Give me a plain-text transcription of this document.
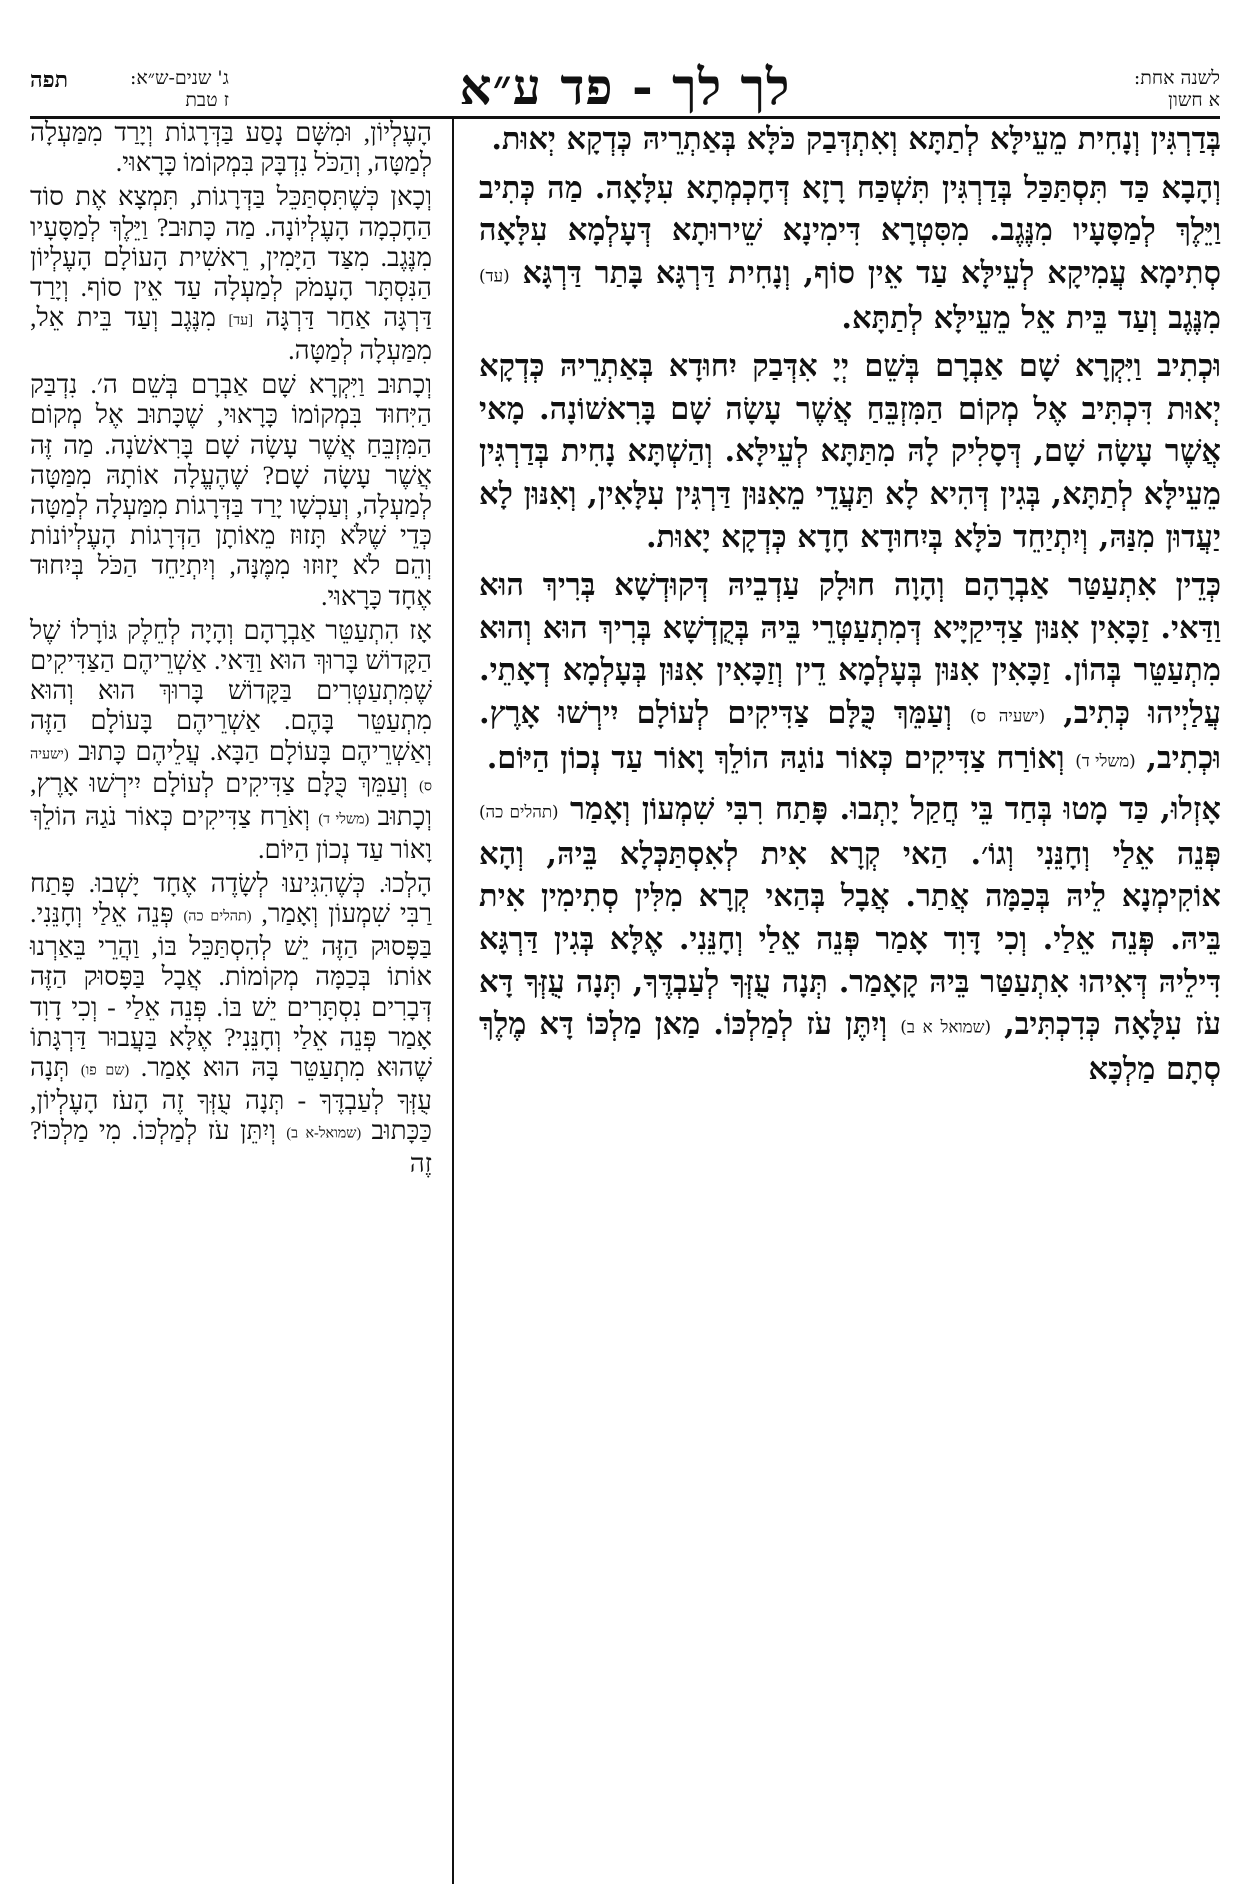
לשנה אחת:
א חשון
לך לך - פד ע״א
ג' שנים-ש״א:
ז טבת
תפה

בְּדַרְגִּין וְנָחִית מֵעֵילָּא לְתַתָּא וְאִתְדְּבַק כֹּלָּא בְּאַתְרֵיהּ כְּדְקָא יְאוּת.

וְהָבָא כַּד תִּסְתַּכַּל בְּדַרְגִּין תִּשְׁכַּח רָזָא דְּחָכְמְתָא עִלָּאָה. מַה כְּתִיב וַיֵּלֶךְ לְמַסָּעָיו מִנֶּגֶב. מִסִּטְרָא דִּימִינָא שֵׁירוּתָא דְּעָלְמָא עִלָּאָה סְתִימָא עֲמִיקָא לְעֵילָּא עַד אֵין סוֹף, וְנָחִית דַּרְגָּא בָּתַר דַּרְגָּא (עד) מִנֶּגֶב וְעַד בֵּית אֵל מֵעֵילָּא לְתַתָּא.

וּכְתִיב וַיִּקְרָא שָׁם אַבְרָם בְּשֵׁם יְיָ אִדְּבַק יִחוּדָא בְּאַתְרֵיהּ כְּדְקָא יְאוּת דִּכְתִּיב אֶל מְקוֹם הַמִּזְבֵּחַ אֲשֶׁר עָשָׂה שָׁם בָּרִאשׁוֹנָה. מָאי אֲשֶׁר עָשָׂה שָׁם, דְּסָלִיק לָהּ מִתַּתָּא לְעֵילָּא. וְהַשְׁתָּא נָחִית בְּדַרְגִּין מֵעֵילָּא לְתַתָּא, בְּגִין דְּהִיא לָא תַּעֲדֵי מֵאִנּוּן דַּרְגִּין עִלָּאִין, וְאִנּוּן לָא יַעֲדוּן מִנַּהּ, וְיִתְיַחֵד כֹּלָּא בְּיִחוּדָא חָדָא כְּדְקָא יָאוּת.

כְּדֵין אִתְעַטַּר אַבְרָהָם וְהָוָה חוּלָק עַדְבֵיהּ דְּקוּדְשָׁא בְּרִיךְ הוּא וַדַּאי. זַכָּאִין אִנּוּן צַדִּיקַיָּיא דְּמִתְעַטְּרֵי בֵּיהּ בְּקֻדְשָׁא בְּרִיךְ הוּא וְהוּא מִתְעַטֵּר בְּהוֹן. זַכָּאִין אִנּוּן בְּעָלְמָא דֵין וְזַכָּאִין אִנּוּן בְּעָלְמָא דְאָתֵי. עֲלַיְיהוּ כְּתִיב, (ישעיה ס) וְעַמֵּךְ כֻּלָּם צַדִּיקִים לְעוֹלָם יִירְשׁוּ אָרֶץ. וּכְתִיב, (משלי ד) וְאוֹרַח צַדִּיקִים כְּאוֹר נוֹגַהּ הוֹלֵךְ וָאוֹר עַד נְכוֹן הַיּוֹם.

אָזְלוּ, כַּד מָטוּ בְּחַד בֵּי חֲקַל יָתְבוּ. פָּתַח רִבִּי שִׁמְעוֹן וְאָמַר (תהלים כה) פְּנֵה אֵלַי וְחָנֵּנִי וְגוֹ׳. הַאי קְרָא אִית לְאִסְתַּכְּלָא בֵּיהּ, וְהָא אוֹקִימְנָא לֵיהּ בְּכַמָּה אֲתַר. אֲבָל בְּהַאי קְרָא מִלִּין סְתִימִין אִית בֵּיהּ. פְּנֵה אֵלַי. וְכִי דָּוִד אָמַר פְּנֵה אֵלַי וְחָנֵּנִי. אֶלָּא בְּגִין דַּרְגָּא דִּילֵיהּ דְּאִיהוּ אִתְעַטַּר בֵּיהּ קָאָמַר. תְּנָה עֻזְּךָ לְעַבְדֶּךָ, תְּנָה עֻזְּךָ דָּא עֹז עִלָּאָה כְּדִכְתִּיב, (שמואל א ב) וְיִתֶּן עֹז לְמַלְכּוֹ. מַאן מַלְכּוֹ דָּא מֶלֶךְ סְתָם מַלְכָּא

הָעֶלְיוֹן, וּמִשָּׁם נָסַע בַּדְּרָגוֹת וְיָרַד מִמַּעְלָה לְמַטָּה, וְהַכֹּל נִדְבָּק בִּמְקוֹמוֹ כָּרָאוּי.

וְכָאן כְּשֶׁתִּסְתַּכֵּל בַּדְּרָגוֹת, תִּמְצָא אֶת סוֹד הַחָכְמָה הָעֶלְיוֹנָה. מַה כָּתוּב? וַיֵּלֶךְ לְמַסָּעָיו מִנֶּגֶב. מִצַּד הַיָּמִין, רֵאשִׁית הָעוֹלָם הָעֶלְיוֹן הַנִּסְתָּר הָעָמֹק לְמַעְלָה עַד אֵין סוֹף. וְיָרַד דַּרְגָּה אַחַר דַּרְגָּה [עד] מִנֶּגֶב וְעַד בֵּית אֵל, מִמַּעְלָה לְמַטָּה.

וְכָתוּב וַיִּקְרָא שָׁם אַבְרָם בְּשֵׁם ה׳. נִדְבַּק הַיִּחוּד בִּמְקוֹמוֹ כָּרָאוּי, שֶׁכָּתוּב אֶל מְקוֹם הַמִּזְבֵּחַ אֲשֶׁר עָשָׂה שָׁם בָּרִאשֹׁנָה. מַה זֶּה אֲשֶׁר עָשָׂה שָׁם? שֶׁהֶעֱלָה אוֹתָהּ מִמַּטָּה לְמַעְלָה, וְעַכְשָׁו יָרַד בַּדְּרָגוֹת מִמַּעְלָה לְמַטָּה כְּדֵי שֶׁלֹּא תָּזוּז מֵאוֹתָן הַדְּרָגוֹת הָעֶלְיוֹנוֹת וְהֵם לֹא יָזוּזוּ מִמֶּנָּה, וְיִתְיַחֵד הַכֹּל בְּיִחוּד אֶחָד כָּרָאוּי.

אָז הִתְעַטֵּר אַבְרָהָם וְהָיָה לְחֵלֶק גּוֹרָלוֹ שֶׁל הַקָּדוֹשׁ בָּרוּךְ הוּא וַדַּאי. אַשְׁרֵיהֶם הַצַּדִּיקִים שֶׁמִּתְעַטְּרִים בַּקָּדוֹשׁ בָּרוּךְ הוּא וְהוּא מִתְעַטֵּר בָּהֶם. אַשְׁרֵיהֶם בָּעוֹלָם הַזֶּה וְאַשְׁרֵיהֶם בָּעוֹלָם הַבָּא. עֲלֵיהֶם כָּתוּב (ישעיה ס) וְעַמֵּךְ כֻּלָּם צַדִּיקִים לְעוֹלָם יִירְשׁוּ אָרֶץ, וְכָתוּב (משלי ד) וְאֹרַח צַדִּיקִים כְּאוֹר נֹגַהּ הוֹלֵךְ וָאוֹר עַד נְכוֹן הַיּוֹם.

הָלְכוּ. כְּשֶׁהִגִּיעוּ לְשָׂדֶה אֶחָד יָשְׁבוּ. פָּתַח רַבִּי שִׁמְעוֹן וְאָמַר, (תהלים כה) פְּנֵה אֵלַי וְחָנֵּנִי. בַּפָּסוּק הַזֶּה יֵשׁ לְהִסְתַּכֵּל בּוֹ, וַהֲרֵי בֵּאַרְנוּ אוֹתוֹ בְּכַמָּה מְקוֹמוֹת. אֲבָל בַּפָּסוּק הַזֶּה דְּבָרִים נִסְתָּרִים יֵשׁ בּוֹ. פְּנֵה אֵלַי - וְכִי דָוִד אָמַר פְּנֵה אֵלַי וְחָנֵּנִי? אֶלָּא בַּעֲבוּר דַּרְגָּתוֹ שֶׁהוּא מִתְעַטֵּר בָּהּ הוּא אָמַר. (שם פו) תְּנָה עֻזְּךָ לְעַבְדֶּךָ - תְּנָה עֻזְּךָ זֶה הָעֹז הָעֶלְיוֹן, כַּכָּתוּב (שמואל-א ב) וְיִתֵּן עֹז לְמַלְכּוֹ. מִי מַלְכּוֹ? זֶה
